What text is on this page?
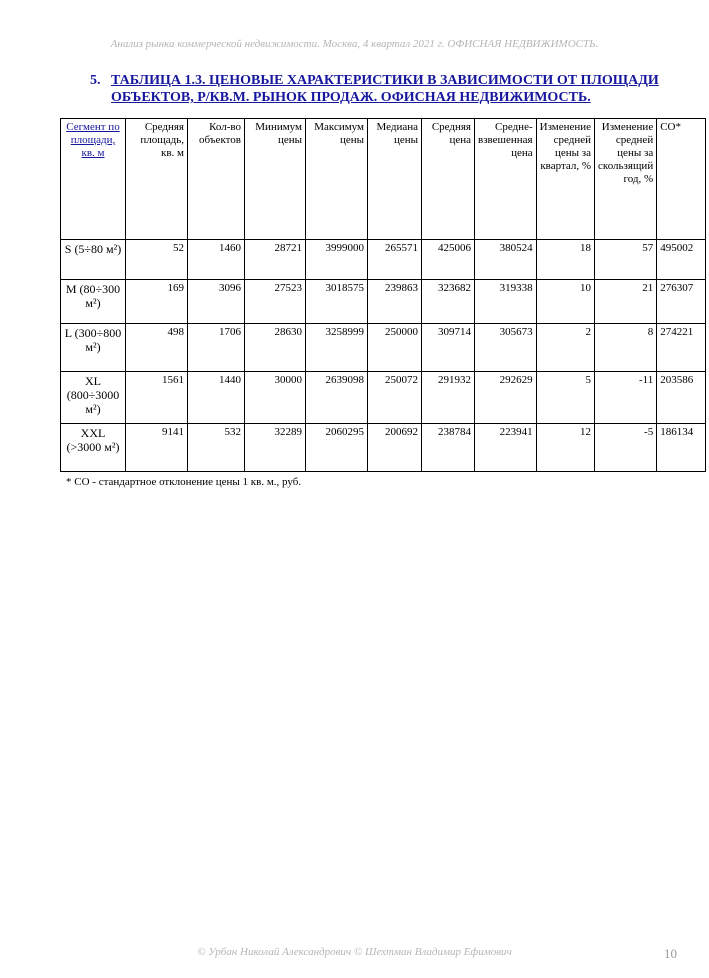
Анализ рынка коммерческой недвижимости. Москва, 4 квартал 2021 г. ОФИСНАЯ НЕДВИЖИМОСТЬ.
5. ТАБЛИЦА 1.3. ЦЕНОВЫЕ ХАРАКТЕРИСТИКИ В ЗАВИСИМОСТИ ОТ ПЛОЩАДИ ОБЪЕКТОВ, Р/КВ.М. РЫНОК ПРОДАЖ. ОФИСНАЯ НЕДВИЖИМОСТЬ.
Сегмент по площади, кв. м	Средняя площадь, кв. м	Кол-во объектов	Минимум цены	Максимум цены	Медиана цены	Средняя цена	Средне-взвешенная цена	Изменение средней цены за квартал, %	Изменение средней цены за скользящий год, %	СО*
S (5÷80 м²)	52	1460	28721	3999000	265571	425006	380524	18	57	495002
M (80÷300 м²)	169	3096	27523	3018575	239863	323682	319338	10	21	276307
L (300÷800 м²)	498	1706	28630	3258999	250000	309714	305673	2	8	274221
XL (800÷3000 м²)	1561	1440	30000	2639098	250072	291932	292629	5	-11	203586
XXL (>3000 м²)	9141	532	32289	2060295	200692	238784	223941	12	-5	186134
* СО - стандартное отклонение цены 1 кв. м., руб.
© Урбан Николай Александрович © Шехтман Владимир Ефимович	10
